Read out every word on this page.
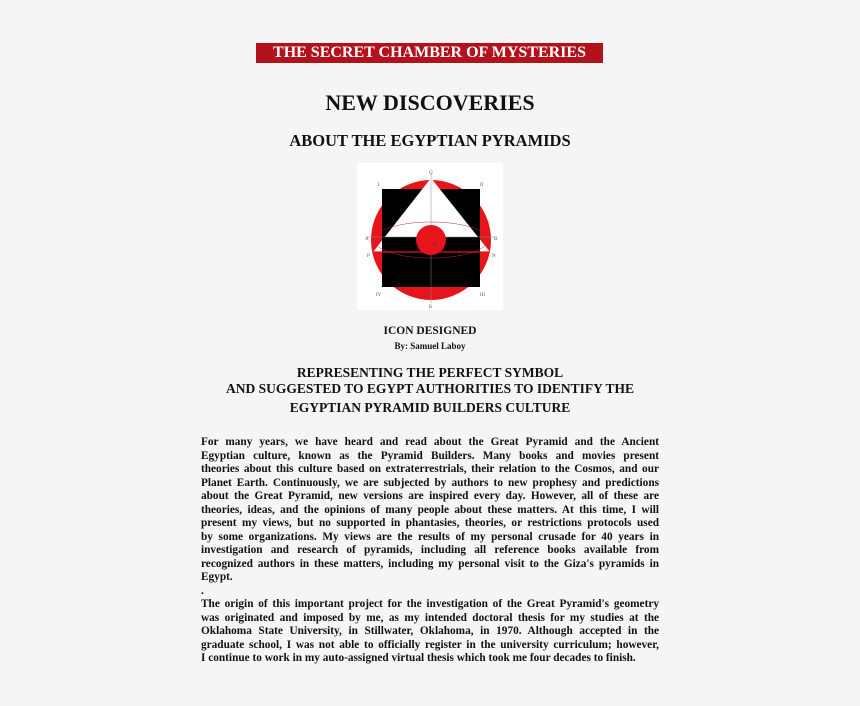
THE SECRET CHAMBER OF MYSTERIES
NEW DISCOVERIES
ABOUT THE EGYPTIAN PYRAMIDS
Q
I	II
A	B
P	N
IV	III
K
O
ICON DESIGNED
By: Samuel Laboy
REPRESENTING THE PERFECT SYMBOL
AND SUGGESTED TO EGYPT AUTHORITIES TO IDENTIFY THE
EGYPTIAN PYRAMID BUILDERS CULTURE
For many years, we have heard and read about the Great Pyramid and the Ancient
Egyptian culture, known as the Pyramid Builders. Many books and movies present
theories about this culture based on extraterrestrials, their relation to the Cosmos, and our
Planet Earth. Continuously, we are subjected by authors to new prophesy and predictions
about the Great Pyramid, new versions are inspired every day. However, all of these are
theories, ideas, and the opinions of many people about these matters. At this time, I will
present my views, but no supported in phantasies, theories, or restrictions protocols used
by some organizations. My views are the results of my personal crusade for 40 years in
investigation and research of pyramids, including all reference books available from
recognized authors in these matters, including my personal visit to the Giza's pyramids in
Egypt.
.
The origin of this important project for the investigation of the Great Pyramid's geometry
was originated and imposed by me, as my intended doctoral thesis for my studies at the
Oklahoma State University, in Stillwater, Oklahoma, in 1970. Although accepted in the
graduate school, I was not able to officially register in the university curriculum; however,
I continue to work in my auto-assigned virtual thesis which took me four decades to finish.
